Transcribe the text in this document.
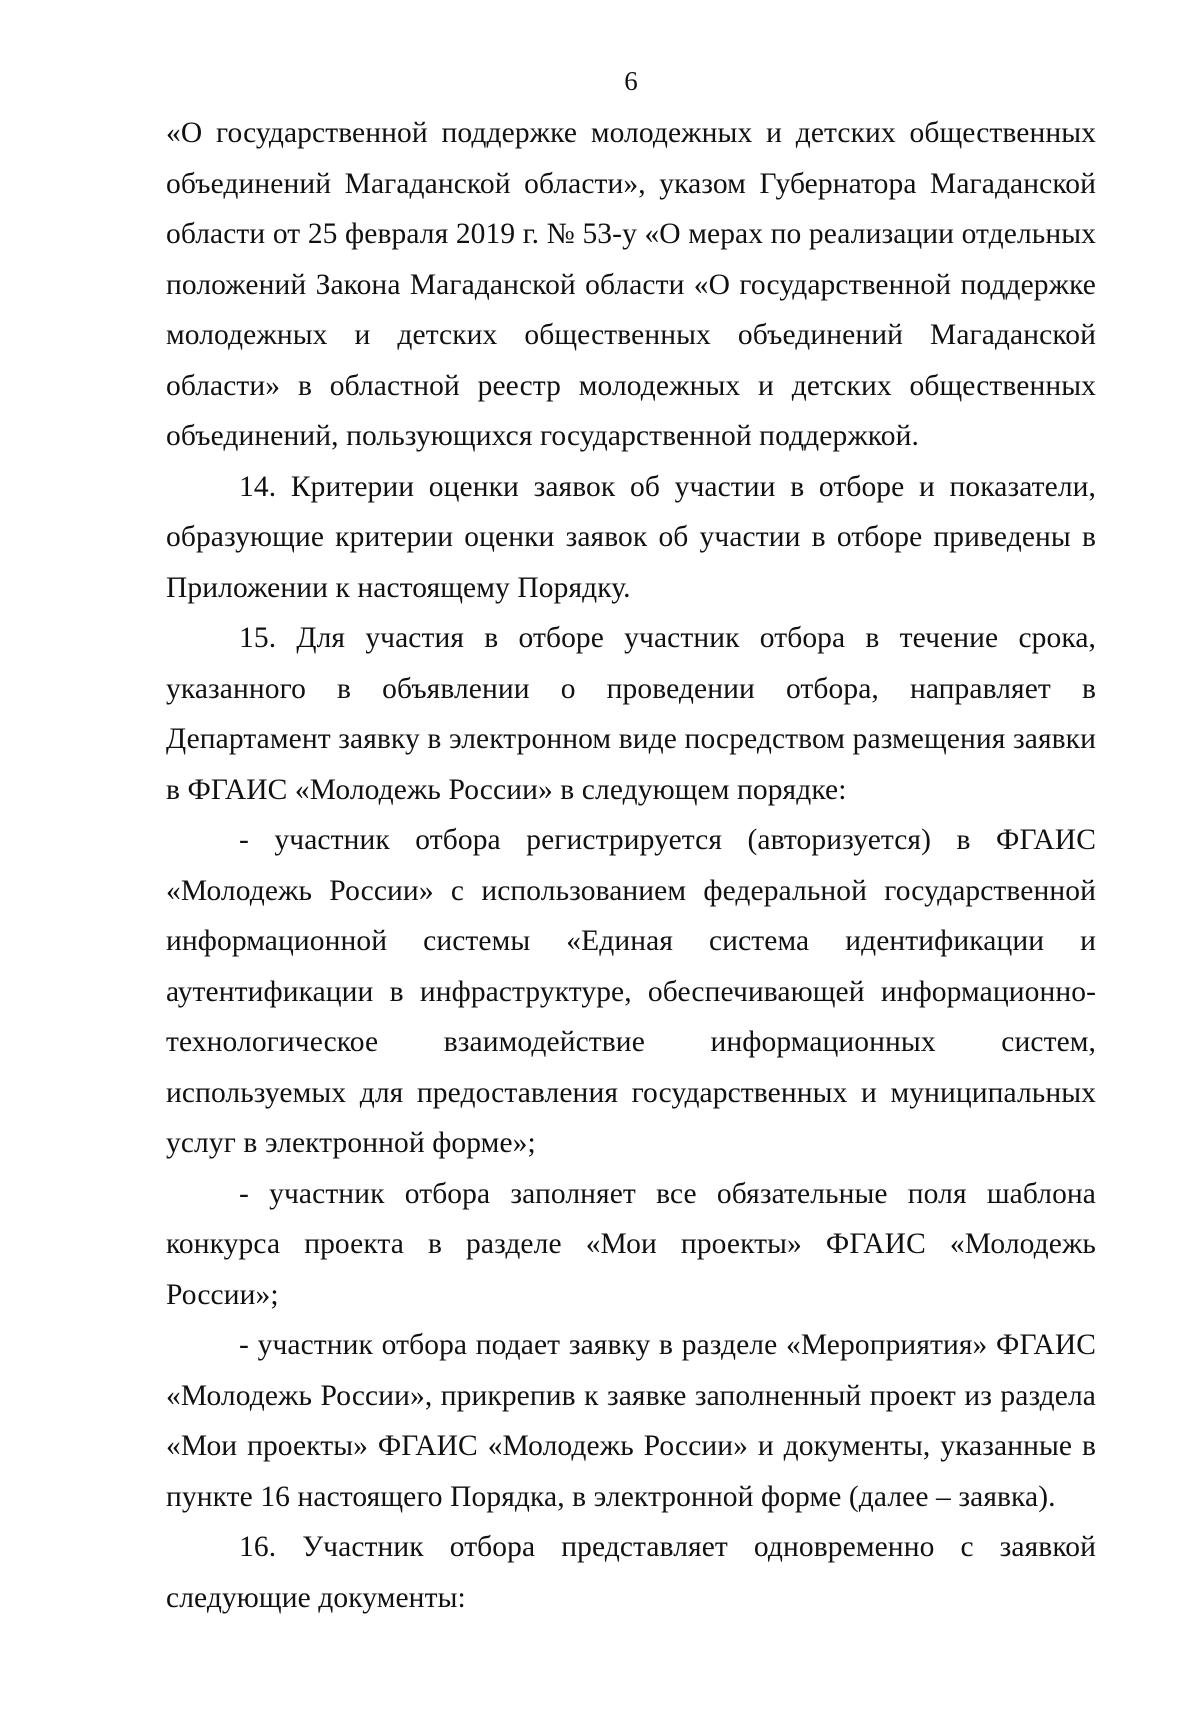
6

«О государственной поддержке молодежных и детских общественных объединений Магаданской области», указом Губернатора Магаданской области от 25 февраля 2019 г. № 53-у «О мерах по реализации отдельных положений Закона Магаданской области «О государственной поддержке молодежных и детских общественных объединений Магаданской области» в областной реестр молодежных и детских общественных объединений, пользующихся государственной поддержкой.

14. Критерии оценки заявок об участии в отборе и показатели, образующие критерии оценки заявок об участии в отборе приведены в Приложении к настоящему Порядку.

15. Для участия в отборе участник отбора в течение срока, указанного в объявлении о проведении отбора, направляет в Департамент заявку в электронном виде посредством размещения заявки в ФГАИС «Молодежь России» в следующем порядке:

- участник отбора регистрируется (авторизуется) в ФГАИС «Молодежь России» с использованием федеральной государственной информационной системы «Единая система идентификации и аутентификации в инфраструктуре, обеспечивающей информационно-технологическое взаимодействие информационных систем, используемых для предоставления государственных и муниципальных услуг в электронной форме»;

- участник отбора заполняет все обязательные поля шаблона конкурса проекта в разделе «Мои проекты» ФГАИС «Молодежь России»;

- участник отбора подает заявку в разделе «Мероприятия» ФГАИС «Молодежь России», прикрепив к заявке заполненный проект из раздела «Мои проекты» ФГАИС «Молодежь России» и документы, указанные в пункте 16 настоящего Порядка, в электронной форме (далее – заявка).

16. Участник отбора представляет одновременно с заявкой следующие документы:
